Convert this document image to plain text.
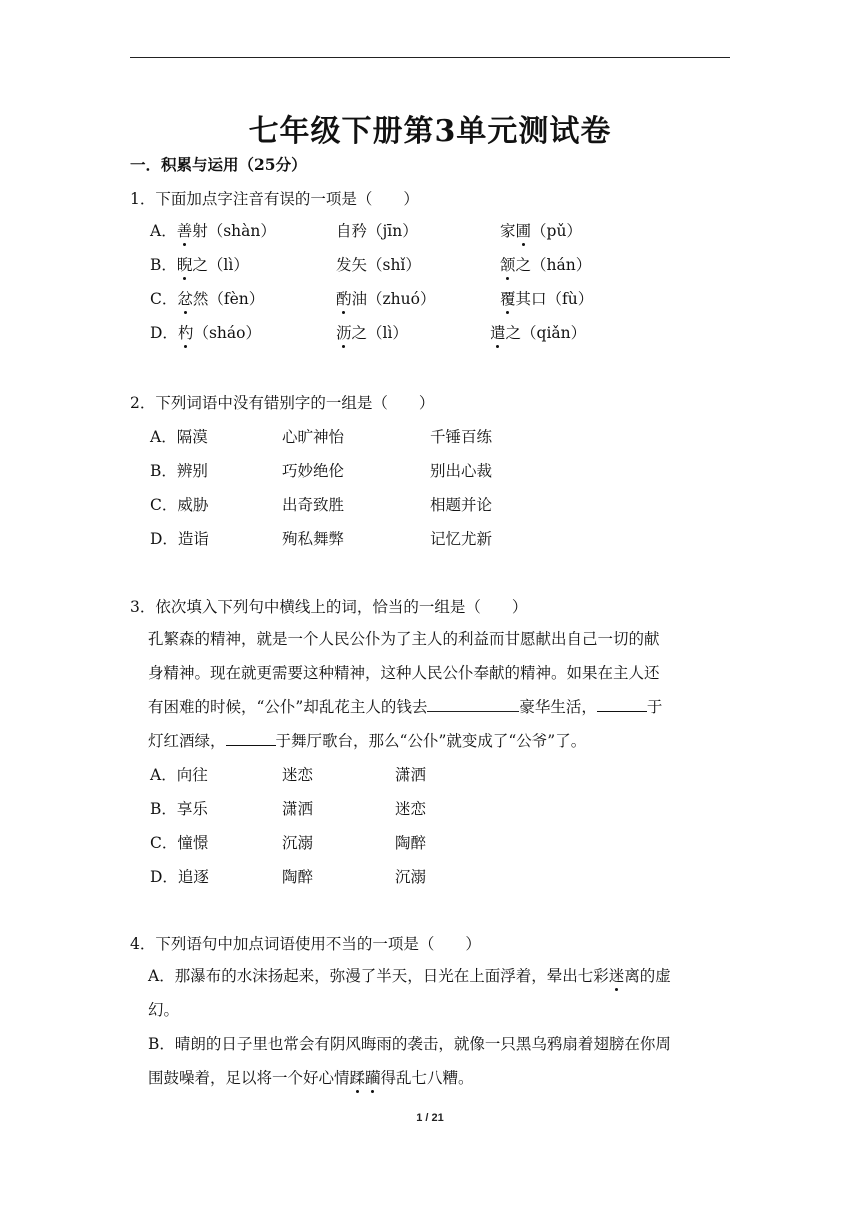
七年级下册第3单元测试卷
一．积累与运用（25分）
1．下面加点字注音有误的一项是（　　）
A．善射（shàn）	自矜（jīn）	家圃（pǔ）
B．睨之（lì）	发矢（shǐ）	颔之（hán）
C．忿然（fèn）	酌油（zhuó）	覆其口（fù）
D．杓（sháo）	沥之（lì）	遣之（qiǎn）
2．下列词语中没有错别字的一组是（　　）
A．隔漠	心旷神怡	千锤百练
B．辨别	巧妙绝伦	别出心裁
C．威胁	出奇致胜	相题并论
D．造诣	殉私舞弊	记忆尤新
3．依次填入下列句中横线上的词，恰当的一组是（　　）
孔繁森的精神，就是一个人民公仆为了主人的利益而甘愿献出自己一切的献
身精神。现在就更需要这种精神，这种人民公仆奉献的精神。如果在主人还
有困难的时候，“公仆”却乱花主人的钱去	豪华生活，	于
灯红酒绿，	于舞厅歌台，那么“公仆”就变成了“公爷”了。
A．向往	迷恋	潇洒
B．享乐	潇洒	迷恋
C．憧憬	沉溺	陶醉
D．追逐	陶醉	沉溺
4．下列语句中加点词语使用不当的一项是（　　）
A．那瀑布的水沫扬起来，弥漫了半天，日光在上面浮着，晕出七彩迷离的虚
幻。
B．晴朗的日子里也常会有阴风晦雨的袭击，就像一只黑乌鸦扇着翅膀在你周
围鼓噪着，足以将一个好心情蹂躏得乱七八糟。
1 / 21
